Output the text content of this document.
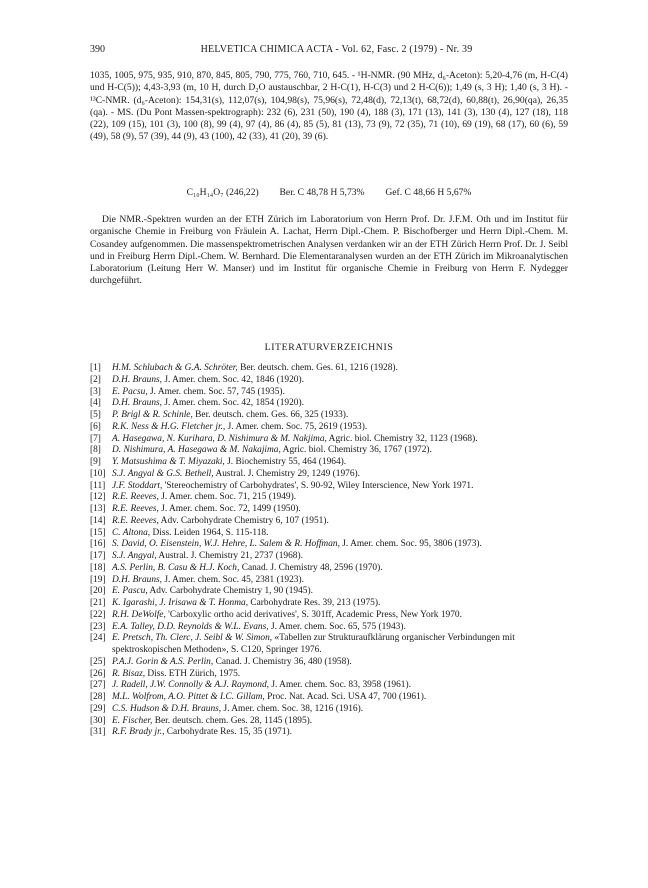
390	HELVETICA CHIMICA ACTA - Vol. 62, Fasc. 2 (1979) - Nr. 39

1035, 1005, 975, 935, 910, 870, 845, 805, 790, 775, 760, 710, 645. - ¹H-NMR. (90 MHz, d₆-Aceton): 5,20-4,76 (m, H-C(4) und H-C(5)); 4,43-3,93 (m, 10 H, durch D₂O austauschbar, 2 H-C(1), H-C(3) und 2 H-C(6)); 1,49 (s, 3 H); 1,40 (s, 3 H). - ¹³C-NMR. (d₆-Aceton): 154,31(s), 112,07(s), 104,98(s), 75,96(s), 72,48(d), 72,13(t), 68,72(d), 60,88(t), 26,90(qa), 26,35 (qa). - MS. (Du Pont Massen-spektrograph): 232 (6), 231 (50), 190 (4), 188 (3), 171 (13), 141 (3), 130 (4), 127 (18), 118 (22), 109 (15), 101 (3), 100 (8), 99 (4), 97 (4), 86 (4), 85 (5), 81 (13), 73 (9), 72 (35), 71 (10), 69 (19), 68 (17), 60 (6), 59 (49), 58 (9), 57 (39), 44 (9), 43 (100), 42 (33), 41 (20), 39 (6).

C₁₀H₁₄O₇ (246,22) Ber. C 48,78 H 5,73% Gef. C 48,66 H 5,67%

Die NMR.-Spektren wurden an der ETH Zürich im Laboratorium von Herrn Prof. Dr. J.F.M. Oth und im Institut für organische Chemie in Freiburg von Fräulein A. Lachat, Herrn Dipl.-Chem. P. Bischofberger und Herrn Dipl.-Chem. M. Cosandey aufgenommen. Die massenspektrometrischen Analysen verdanken wir an der ETH Zürich Herrn Prof. Dr. J. Seibl und in Freiburg Herrn Dipl.-Chem. W. Bernhard. Die Elementaranalysen wurden an der ETH Zürich im Mikroanalytischen Laboratorium (Leitung Herr W. Manser) und im Institut für organische Chemie in Freiburg von Herrn F. Nydegger durchgeführt.

LITERATURVERZEICHNIS
[1]	H.M. Schlubach & G.A. Schröter, Ber. deutsch. chem. Ges. 61, 1216 (1928).
[2]	D.H. Brauns, J. Amer. chem. Soc. 42, 1846 (1920).
[3]	E. Pacsu, J. Amer. chem. Soc. 57, 745 (1935).
[4]	D.H. Brauns, J. Amer. chem. Soc. 42, 1854 (1920).
[5]	P. Brigl & R. Schinle, Ber. deutsch. chem. Ges. 66, 325 (1933).
[6]	R.K. Ness & H.G. Fletcher jr., J. Amer. chem. Soc. 75, 2619 (1953).
[7]	A. Hasegawa, N. Kurihara, D. Nishimura & M. Nakjima, Agric. biol. Chemistry 32, 1123 (1968).
[8]	D. Nishimura, A. Hasegawa & M. Nakajima, Agric. biol. Chemistry 36, 1767 (1972).
[9]	Y. Matsushima & T. Miyazaki, J. Biochemistry 55, 464 (1964).
[10] S.J. Angyal & G.S. Bethell, Austral. J. Chemistry 29, 1249 (1976).
[11] J.F. Stoddart, 'Stereochemistry of Carbohydrates', S. 90-92, Wiley Interscience, New York 1971.
[12] R.E. Reeves, J. Amer. chem. Soc. 71, 215 (1949).
[13] R.E. Reeves, J. Amer. chem. Soc. 72, 1499 (1950).
[14] R.E. Reeves, Adv. Carbohydrate Chemistry 6, 107 (1951).
[15] C. Altona, Diss. Leiden 1964, S. 115-118.
[16] S. David, O. Eisenstein, W.J. Hehre, L. Salem & R. Hoffman, J. Amer. chem. Soc. 95, 3806 (1973).
[17] S.J. Angyal, Austral. J. Chemistry 21, 2737 (1968).
[18] A.S. Perlin, B. Casu & H.J. Koch, Canad. J. Chemistry 48, 2596 (1970).
[19] D.H. Brauns, J. Amer. chem. Soc. 45, 2381 (1923).
[20] E. Pascu, Adv. Carbohydrate Chemistry 1, 90 (1945).
[21] K. Igarashi, J. Irisawa & T. Honma, Carbohydrate Res. 39, 213 (1975).
[22] R.H. DeWolfe, 'Carboxylic ortho acid derivatives', S. 301ff, Academic Press, New York 1970.
[23] E.A. Talley, D.D. Reynolds & W.L. Evans, J. Amer. chem. Soc. 65, 575 (1943).
[24] E. Pretsch, Th. Clerc, J. Seibl & W. Simon, «Tabellen zur Strukturaufklärung organischer Verbindungen mit spektroskopischen Methoden», S. C120, Springer 1976.
[25] P.A.J. Gorin & A.S. Perlin, Canad. J. Chemistry 36, 480 (1958).
[26] R. Bisaz, Diss. ETH Zürich, 1975.
[27] J. Radell, J.W. Connolly & A.J. Raymond, J. Amer. chem. Soc. 83, 3958 (1961).
[28] M.L. Wolfrom, A.O. Pittet & I.C. Gillam, Proc. Nat. Acad. Sci. USA 47, 700 (1961).
[29] C.S. Hudson & D.H. Brauns, J. Amer. chem. Soc. 38, 1216 (1916).
[30] E. Fischer, Ber. deutsch. chem. Ges. 28, 1145 (1895).
[31] R.F. Brady jr., Carbohydrate Res. 15, 35 (1971).
